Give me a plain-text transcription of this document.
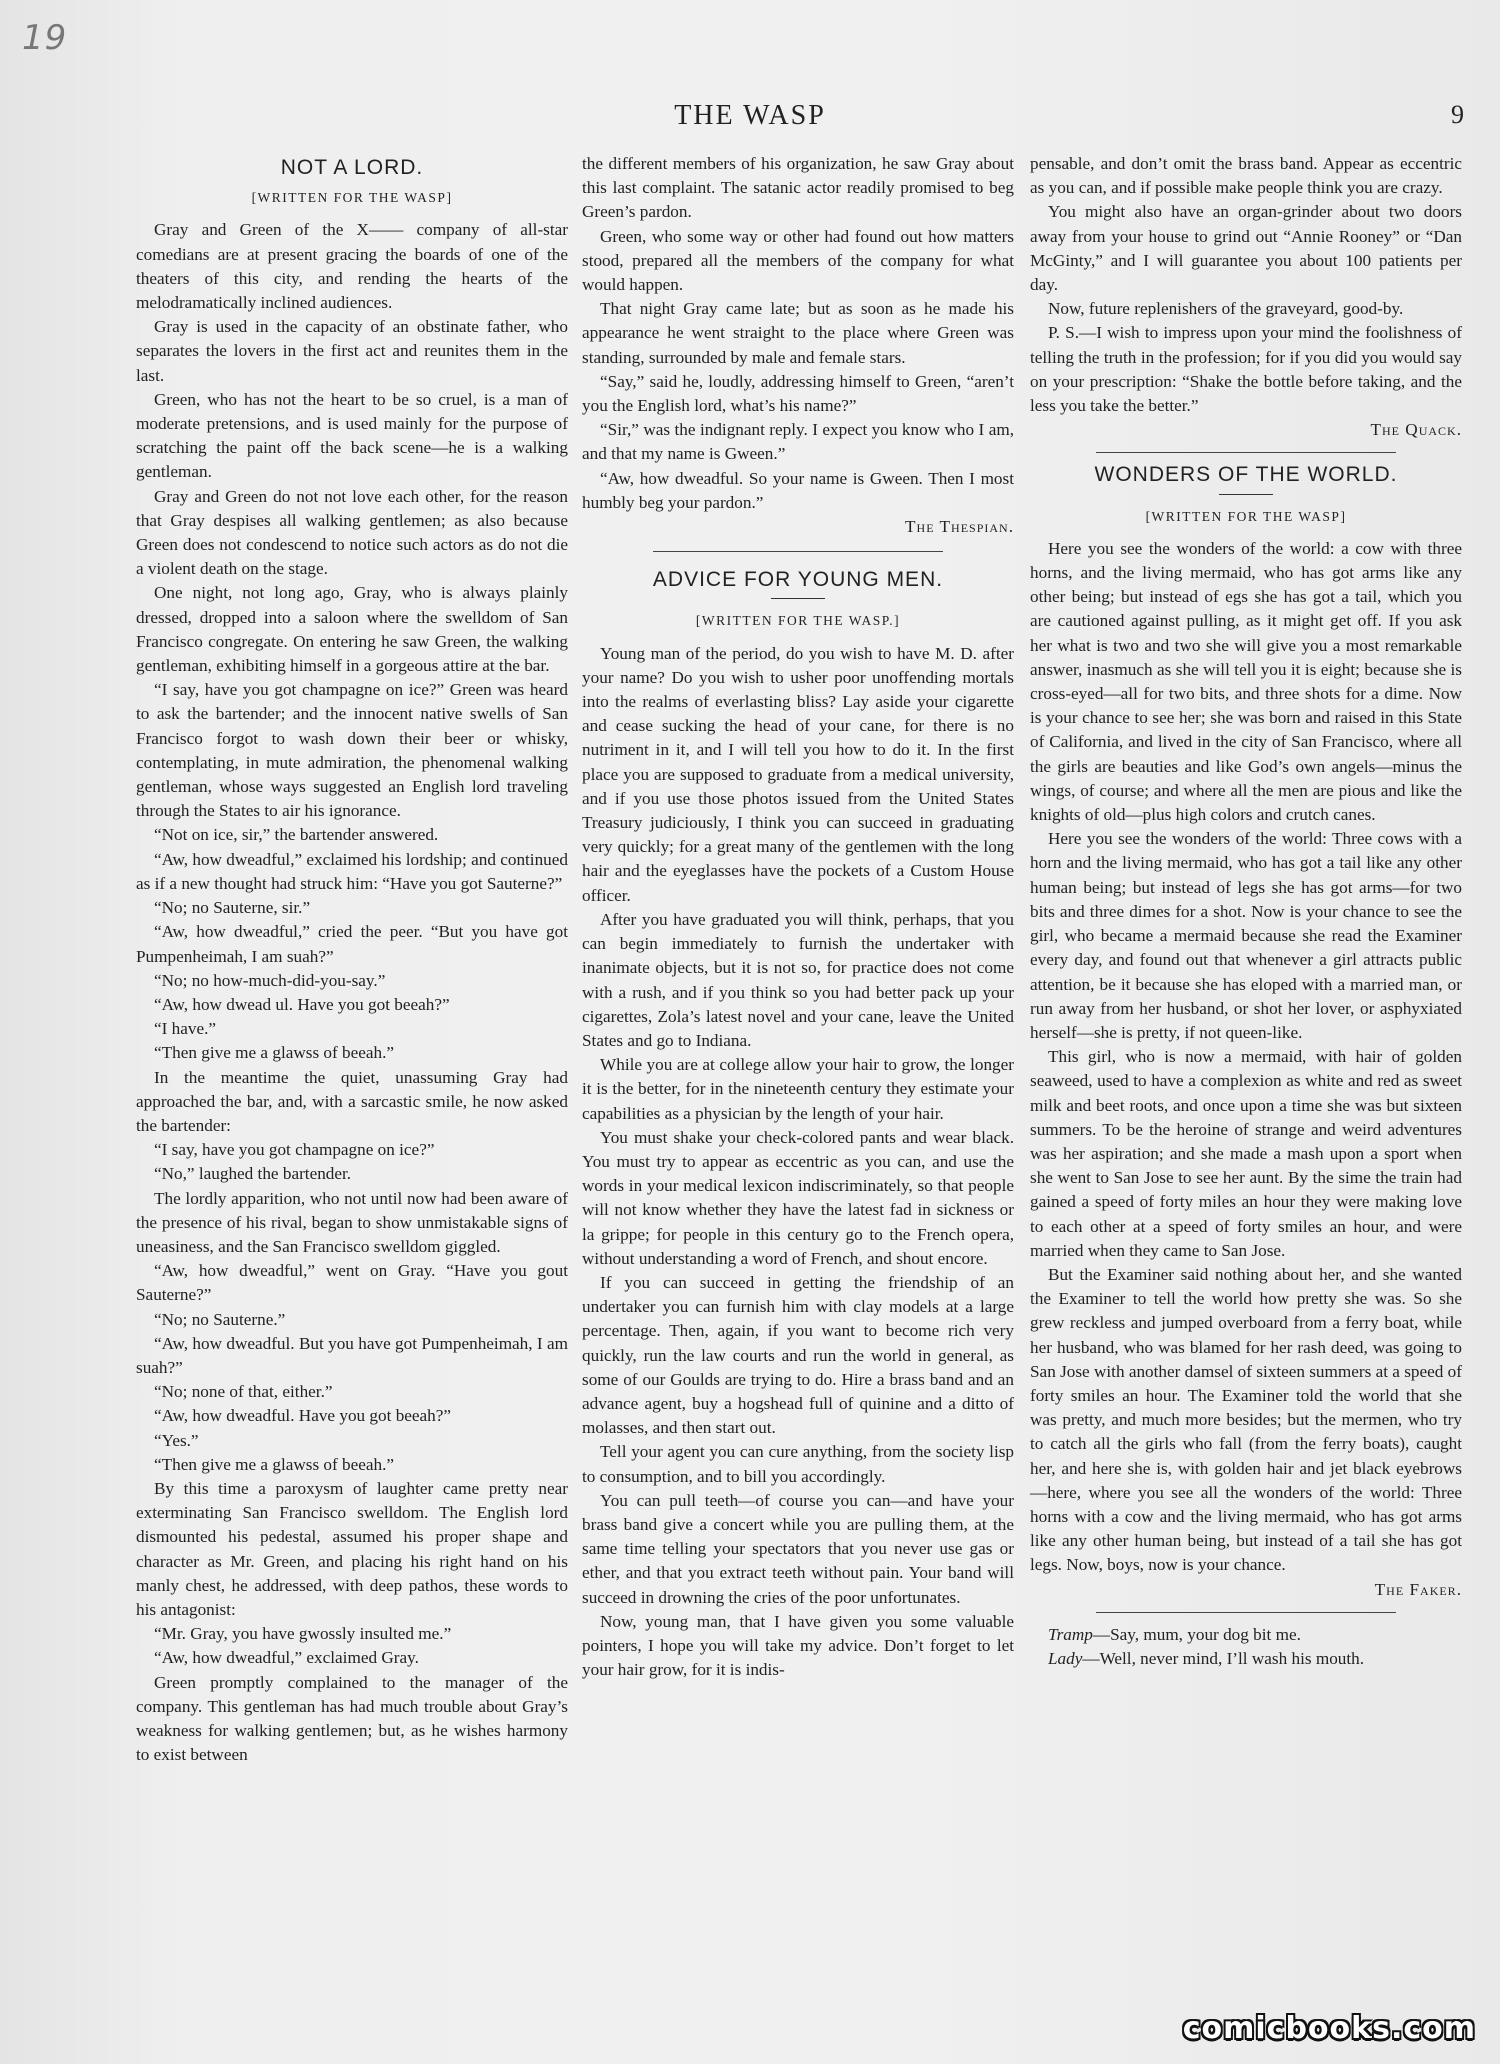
19
THE WASP	9
NOT A LORD.
[WRITTEN FOR THE WASP]

Gray and Green of the X—— company of all-star comedians are at present gracing the boards of one of the theaters of this city, and rending the hearts of the melodramatically inclined audiences.

Gray is used in the capacity of an obstinate father, who separates the lovers in the first act and reunites them in the last.

Green, who has not the heart to be so cruel, is a man of moderate pretensions, and is used mainly for the purpose of scratching the paint off the back scene—he is a walking gentleman.

Gray and Green do not not love each other, for the reason that Gray despises all walking gentlemen; as also because Green does not condescend to notice such actors as do not die a violent death on the stage.

One night, not long ago, Gray, who is always plainly dressed, dropped into a saloon where the swelldom of San Francisco congregate. On entering he saw Green, the walking gentleman, exhibiting himself in a gorgeous attire at the bar.

“I say, have you got champagne on ice?” Green was heard to ask the bartender; and the innocent native swells of San Francisco forgot to wash down their beer or whisky, contemplating, in mute admiration, the phenomenal walking gentleman, whose ways suggested an English lord traveling through the States to air his ignorance.

“Not on ice, sir,” the bartender answered.

“Aw, how dweadful,” exclaimed his lordship; and continued as if a new thought had struck him: “Have you got Sauterne?”

“No; no Sauterne, sir.”

“Aw, how dweadful,” cried the peer. “But you have got Pumpenheimah, I am suah?”

“No; no how-much-did-you-say.”

“Aw, how dwead ul. Have you got beeah?”

“I have.”

“Then give me a glawss of beeah.”

In the meantime the quiet, unassuming Gray had approached the bar, and, with a sarcastic smile, he now asked the bartender:

“I say, have you got champagne on ice?”

“No,” laughed the bartender.

The lordly apparition, who not until now had been aware of the presence of his rival, began to show unmistakable signs of uneasiness, and the San Francisco swelldom giggled.

“Aw, how dweadful,” went on Gray. “Have you gout Sauterne?”

“No; no Sauterne.”

“Aw, how dweadful. But you have got Pumpenheimah, I am suah?”

“No; none of that, either.”

“Aw, how dweadful. Have you got beeah?”

“Yes.”

“Then give me a glawss of beeah.”

By this time a paroxysm of laughter came pretty near exterminating San Francisco swelldom. The English lord dismounted his pedestal, assumed his proper shape and character as Mr. Green, and placing his right hand on his manly chest, he addressed, with deep pathos, these words to his antagonist:

“Mr. Gray, you have gwossly insulted me.”

“Aw, how dweadful,” exclaimed Gray.

Green promptly complained to the manager of the company. This gentleman has had much trouble about Gray’s weakness for walking gentlemen; but, as he wishes harmony to exist between

the different members of his organization, he saw Gray about this last complaint. The satanic actor readily promised to beg Green’s pardon.

Green, who some way or other had found out how matters stood, prepared all the members of the company for what would happen.

That night Gray came late; but as soon as he made his appearance he went straight to the place where Green was standing, surrounded by male and female stars.

“Say,” said he, loudly, addressing himself to Green, “aren’t you the English lord, what’s his name?”

“Sir,” was the indignant reply. I expect you know who I am, and that my name is Gween.”

“Aw, how dweadful. So your name is Gween. Then I most humbly beg your pardon.”

The Thespian.

ADVICE FOR YOUNG MEN.
[WRITTEN FOR THE WASP.]

Young man of the period, do you wish to have M. D. after your name? Do you wish to usher poor unoffending mortals into the realms of everlasting bliss? Lay aside your cigarette and cease sucking the head of your cane, for there is no nutriment in it, and I will tell you how to do it. In the first place you are supposed to graduate from a medical university, and if you use those photos issued from the United States Treasury judiciously, I think you can succeed in graduating very quickly; for a great many of the gentlemen with the long hair and the eyeglasses have the pockets of a Custom House officer.

After you have graduated you will think, perhaps, that you can begin immediately to furnish the undertaker with inanimate objects, but it is not so, for practice does not come with a rush, and if you think so you had better pack up your cigarettes, Zola’s latest novel and your cane, leave the United States and go to Indiana.

While you are at college allow your hair to grow, the longer it is the better, for in the nineteenth century they estimate your capabilities as a physician by the length of your hair.

You must shake your check-colored pants and wear black. You must try to appear as eccentric as you can, and use the words in your medical lexicon indiscriminately, so that people will not know whether they have the latest fad in sickness or la grippe; for people in this century go to the French opera, without understanding a word of French, and shout encore.

If you can succeed in getting the friendship of an undertaker you can furnish him with clay models at a large percentage. Then, again, if you want to become rich very quickly, run the law courts and run the world in general, as some of our Goulds are trying to do. Hire a brass band and an advance agent, buy a hogshead full of quinine and a ditto of molasses, and then start out.

Tell your agent you can cure anything, from the society lisp to consumption, and to bill you accordingly.

You can pull teeth—of course you can—and have your brass band give a concert while you are pulling them, at the same time telling your spectators that you never use gas or ether, and that you extract teeth without pain. Your band will succeed in drowning the cries of the poor unfortunates.

Now, young man, that I have given you some valuable pointers, I hope you will take my advice. Don’t forget to let your hair grow, for it is indis-

pensable, and don’t omit the brass band. Appear as eccentric as you can, and if possible make people think you are crazy.

You might also have an organ-grinder about two doors away from your house to grind out “Annie Rooney” or “Dan McGinty,” and I will guarantee you about 100 patients per day.

Now, future replenishers of the graveyard, good-by.

P. S.—I wish to impress upon your mind the foolishness of telling the truth in the profession; for if you did you would say on your prescription: “Shake the bottle before taking, and the less you take the better.”

The Quack.

WONDERS OF THE WORLD.
[WRITTEN FOR THE WASP]

Here you see the wonders of the world: a cow with three horns, and the living mermaid, who has got arms like any other being; but instead of egs she has got a tail, which you are cautioned against pulling, as it might get off. If you ask her what is two and two she will give you a most remarkable answer, inasmuch as she will tell you it is eight; because she is cross-eyed—all for two bits, and three shots for a dime. Now is your chance to see her; she was born and raised in this State of California, and lived in the city of San Francisco, where all the girls are beauties and like God’s own angels—minus the wings, of course; and where all the men are pious and like the knights of old—plus high colors and crutch canes.

Here you see the wonders of the world: Three cows with a horn and the living mermaid, who has got a tail like any other human being; but instead of legs she has got arms—for two bits and three dimes for a shot. Now is your chance to see the girl, who became a mermaid because she read the Examiner every day, and found out that whenever a girl attracts public attention, be it because she has eloped with a married man, or run away from her husband, or shot her lover, or asphyxiated herself—she is pretty, if not queen-like.

This girl, who is now a mermaid, with hair of golden seaweed, used to have a complexion as white and red as sweet milk and beet roots, and once upon a time she was but sixteen summers. To be the heroine of strange and weird adventures was her aspiration; and she made a mash upon a sport when she went to San Jose to see her aunt. By the sime the train had gained a speed of forty miles an hour they were making love to each other at a speed of forty smiles an hour, and were married when they came to San Jose.

But the Examiner said nothing about her, and she wanted the Examiner to tell the world how pretty she was. So she grew reckless and jumped overboard from a ferry boat, while her husband, who was blamed for her rash deed, was going to San Jose with another damsel of sixteen summers at a speed of forty smiles an hour. The Examiner told the world that she was pretty, and much more besides; but the mermen, who try to catch all the girls who fall (from the ferry boats), caught her, and here she is, with golden hair and jet black eyebrows—here, where you see all the wonders of the world: Three horns with a cow and the living mermaid, who has got arms like any other human being, but instead of a tail she has got legs. Now, boys, now is your chance.

The Faker.

Tramp—Say, mum, your dog bit me.

Lady—Well, never mind, I’ll wash his mouth.

comicbooks.com
